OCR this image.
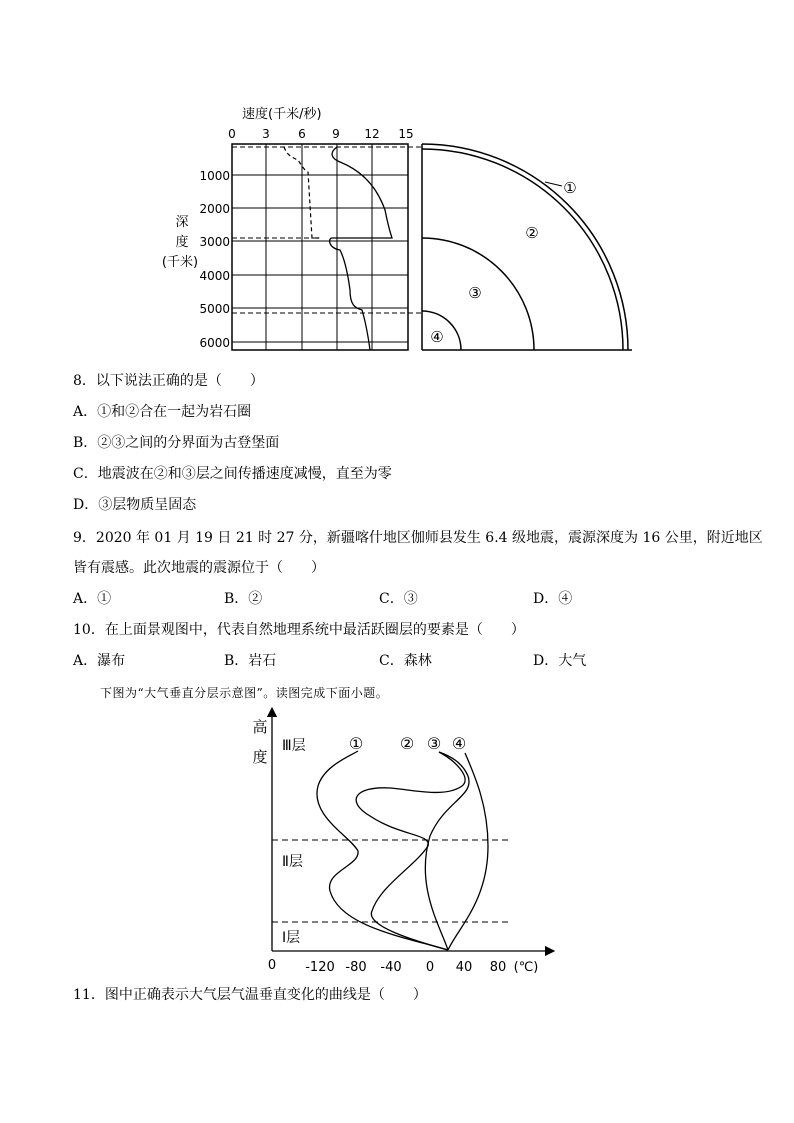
速度(千米/秒)
0 3 6 9 12 15
1000
2000
3000
4000
5000
6000
深
度
(千米)
①
②
③
④
8．以下说法正确的是（　　）
A．①和②合在一起为岩石圈
B．②③之间的分界面为古登堡面
C．地震波在②和③层之间传播速度减慢，直至为零
D．③层物质呈固态
9．2020 年 01 月 19 日 21 时 27 分，新疆喀什地区伽师县发生 6.4 级地震，震源深度为 16 公里，附近地区
皆有震感。此次地震的震源位于（　　）
A．①	B．②	C．③	D．④
10．在上面景观图中，代表自然地理系统中最活跃圈层的要素是（　　）
A．瀑布	B．岩石	C．森林	D．大气
下图为“大气垂直分层示意图”。读图完成下面小题。
高
度
Ⅲ层
Ⅱ层
Ⅰ层
① ② ③ ④
0 -120 -80 -40 0 40 80 (℃)
11．图中正确表示大气层气温垂直变化的曲线是（　　）
